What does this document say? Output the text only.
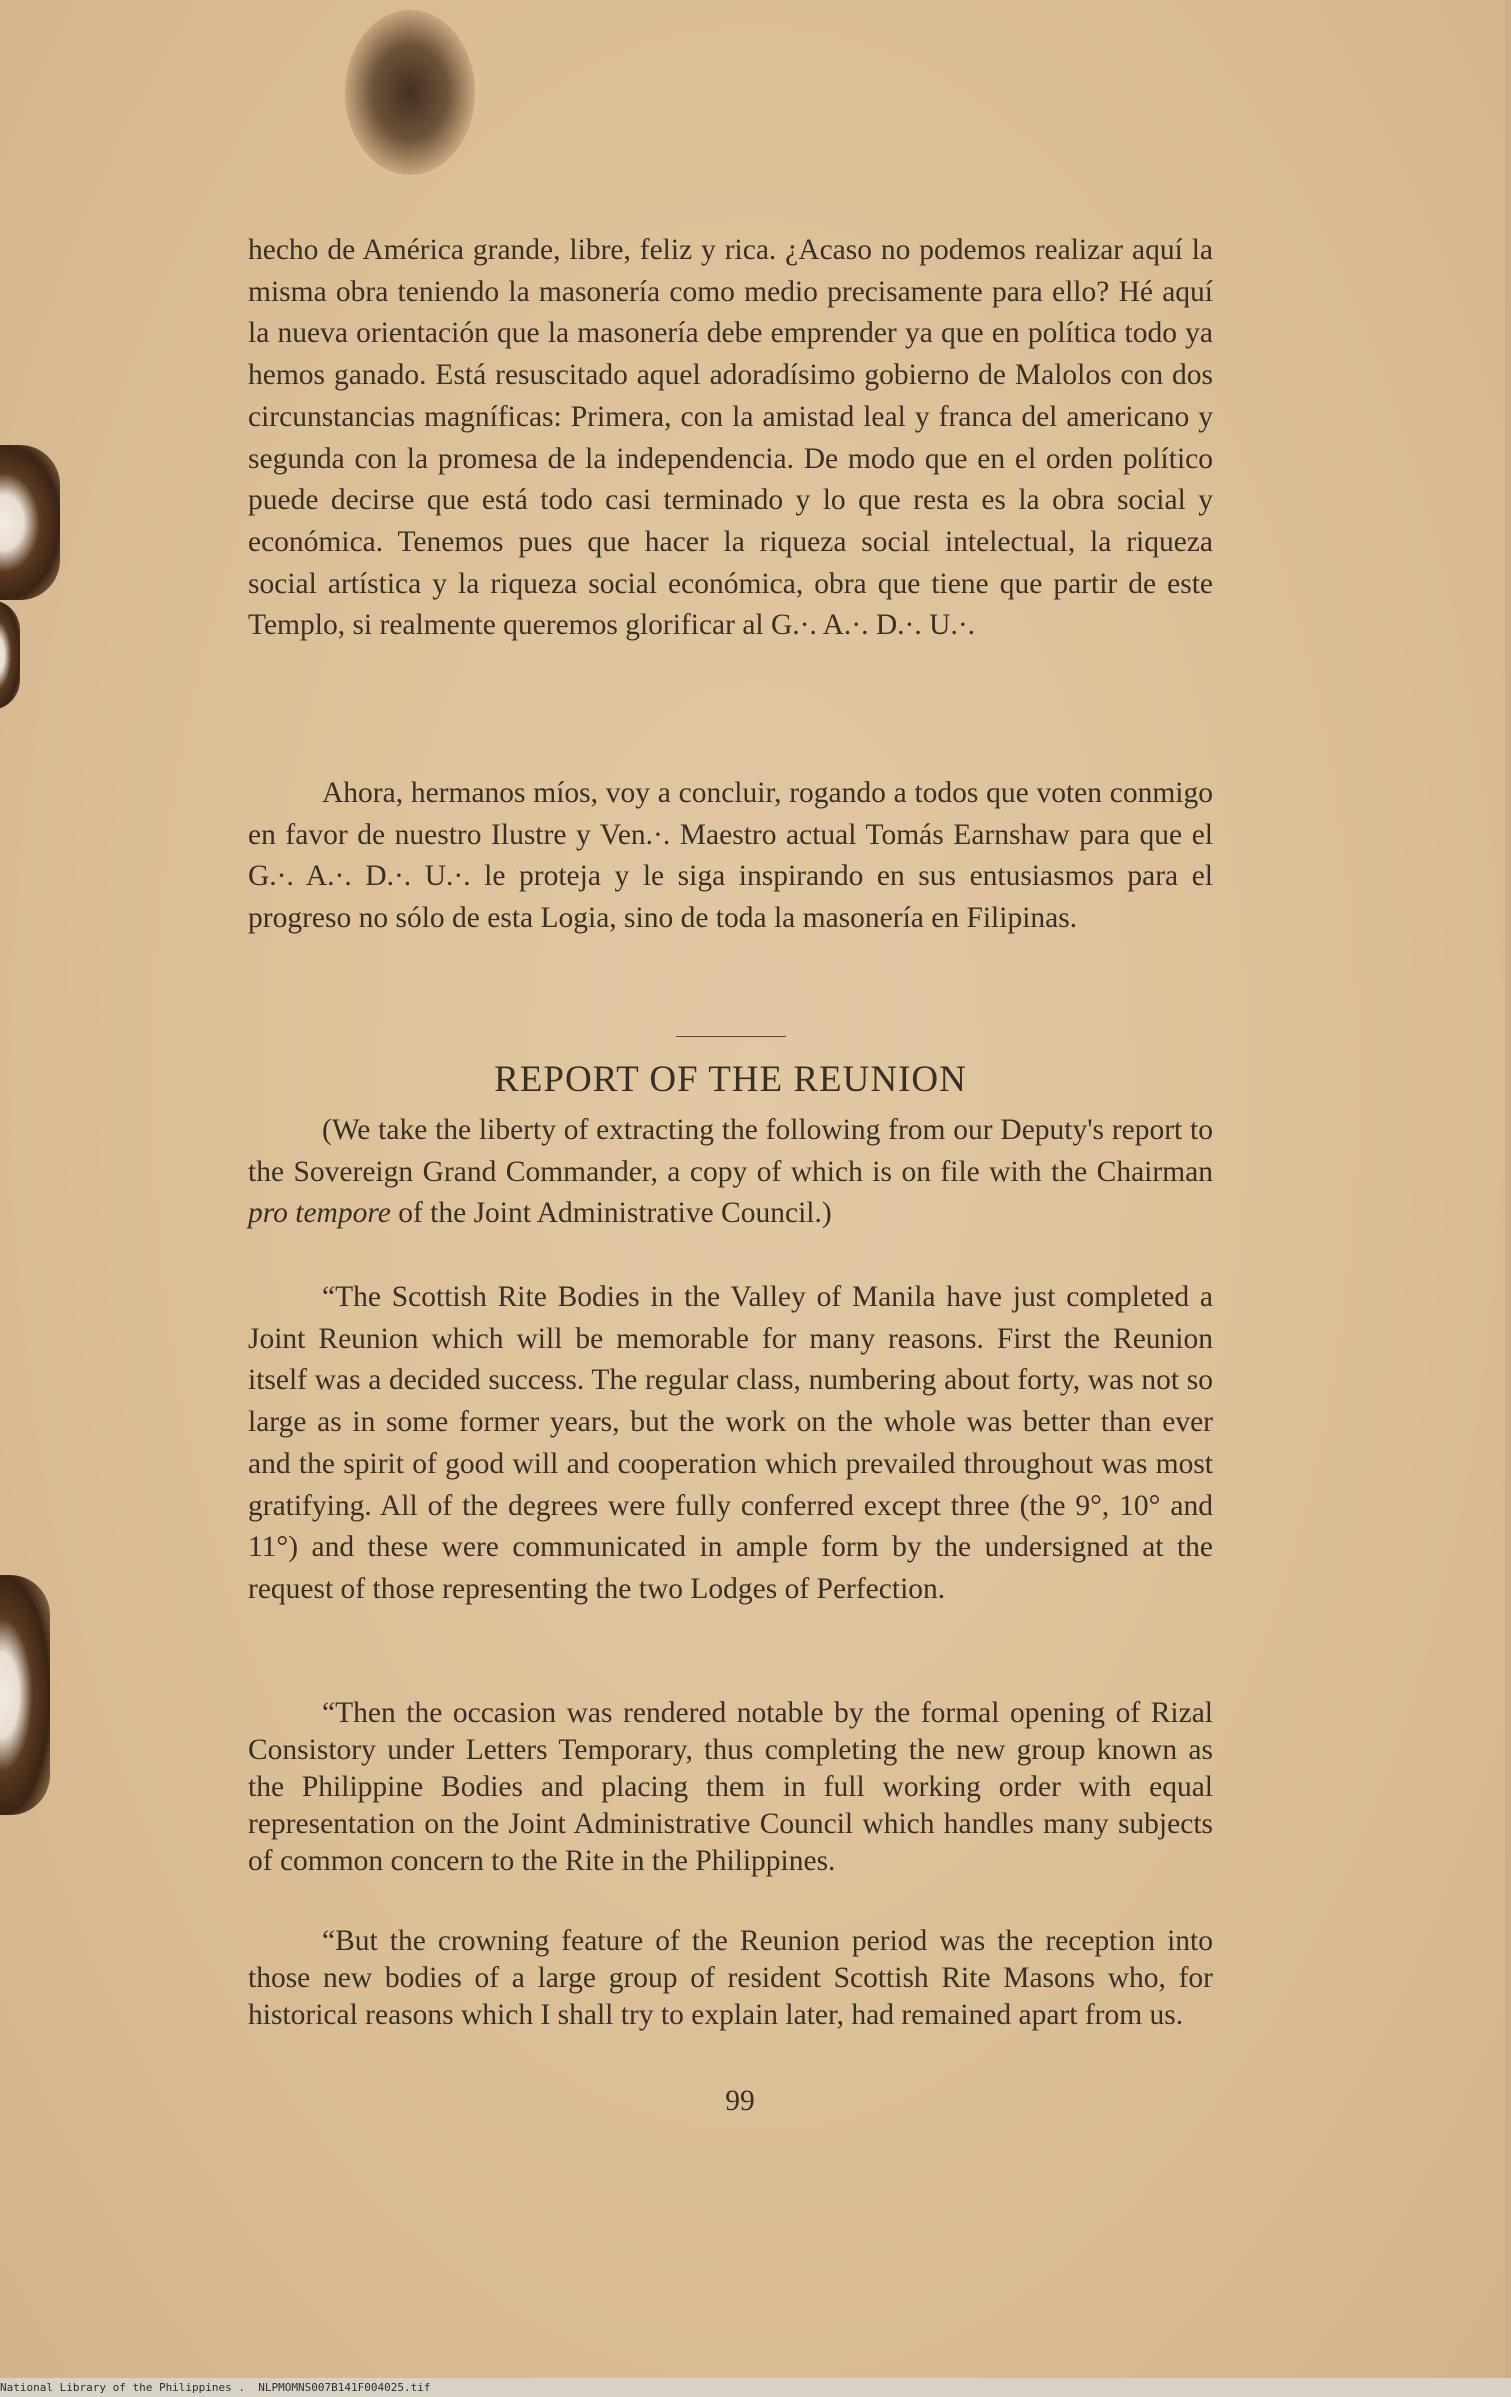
hecho de América grande, libre, feliz y rica. ¿Acaso no podemos realizar aquí la misma obra teniendo la masonería como medio precisamente para ello? Hé aquí la nueva orientación que la masonería debe emprender ya que en política todo ya hemos ganado. Está resuscitado aquel adoradísimo gobierno de Malolos con dos circunstancias magníficas: Primera, con la amistad leal y franca del americano y segunda con la promesa de la independencia. De modo que en el orden político puede decirse que está todo casi terminado y lo que resta es la obra social y económica. Tenemos pues que hacer la riqueza social intelectual, la riqueza social artística y la riqueza social económica, obra que tiene que partir de este Templo, si realmente queremos glorificar al G.·. A.·. D.·. U.·.

Ahora, hermanos míos, voy a concluir, rogando a todos que voten conmigo en favor de nuestro Ilustre y Ven.·. Maestro actual Tomás Earnshaw para que el G.·. A.·. D.·. U.·. le proteja y le siga inspirando en sus entusiasmos para el progreso no sólo de esta Logia, sino de toda la masonería en Filipinas.

REPORT OF THE REUNION

(We take the liberty of extracting the following from our Deputy's report to the Sovereign Grand Commander, a copy of which is on file with the Chairman pro tempore of the Joint Administrative Council.)

“The Scottish Rite Bodies in the Valley of Manila have just completed a Joint Reunion which will be memorable for many reasons. First the Reunion itself was a decided success. The regular class, numbering about forty, was not so large as in some former years, but the work on the whole was better than ever and the spirit of good will and cooperation which prevailed throughout was most gratifying. All of the degrees were fully conferred except three (the 9°, 10° and 11°) and these were communicated in ample form by the undersigned at the request of those representing the two Lodges of Perfection.

“Then the occasion was rendered notable by the formal opening of Rizal Consistory under Letters Temporary, thus completing the new group known as the Philippine Bodies and placing them in full working order with equal representation on the Joint Administrative Council which handles many subjects of common concern to the Rite in the Philippines.

“But the crowning feature of the Reunion period was the reception into those new bodies of a large group of resident Scottish Rite Masons who, for historical reasons which I shall try to explain later, had remained apart from us.

99
National Library of the Philippines .  NLPMOMNS007B141F004025.tif
